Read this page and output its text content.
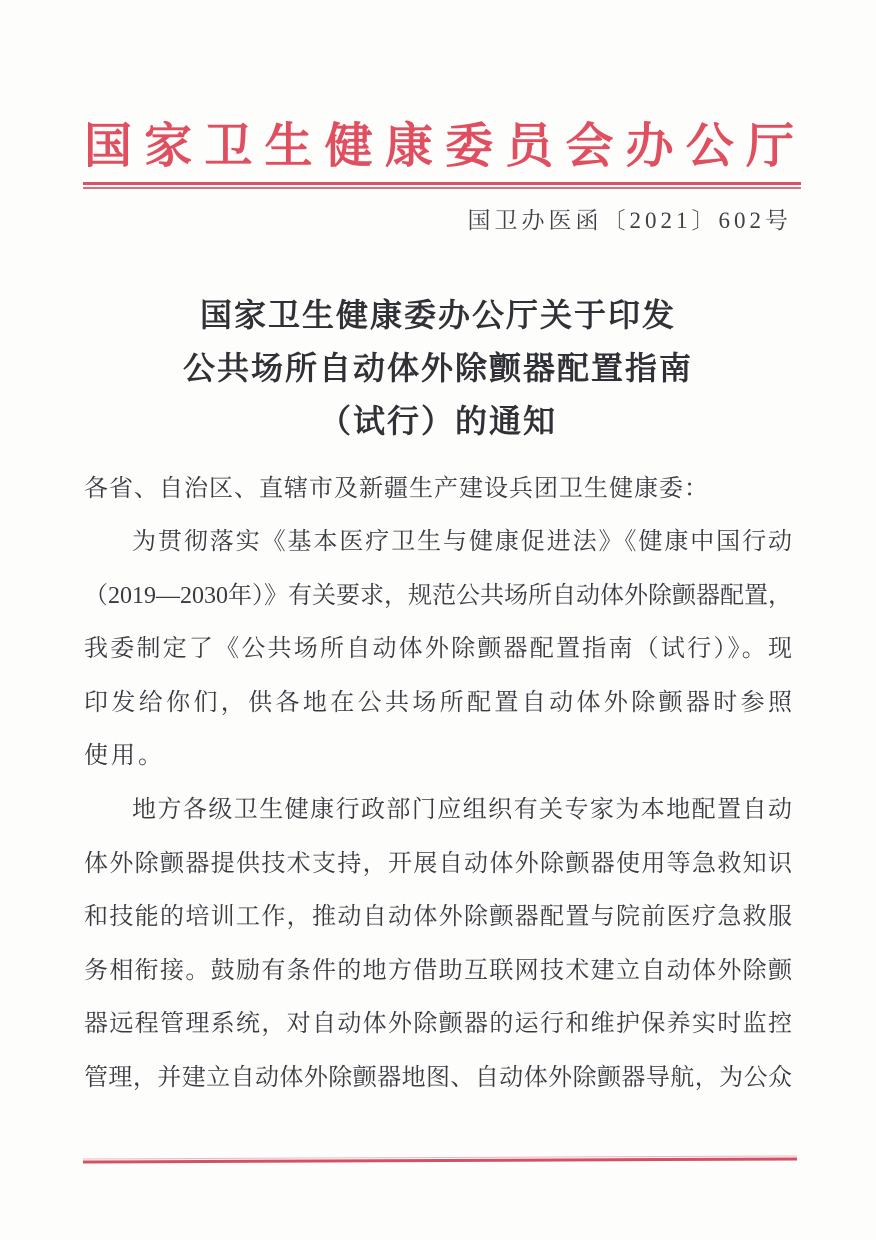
国家卫生健康委员会办公厅
国卫办医函〔2021〕602号
国家卫生健康委办公厅关于印发
公共场所自动体外除颤器配置指南
（试行）的通知
各省、自治区、直辖市及新疆生产建设兵团卫生健康委：
为贯彻落实《基本医疗卫生与健康促进法》《健康中国行动
（2019—2030年）》有关要求，规范公共场所自动体外除颤器配置，
我委制定了《公共场所自动体外除颤器配置指南（试行）》。现
印发给你们，供各地在公共场所配置自动体外除颤器时参照
使用。
地方各级卫生健康行政部门应组织有关专家为本地配置自动
体外除颤器提供技术支持，开展自动体外除颤器使用等急救知识
和技能的培训工作，推动自动体外除颤器配置与院前医疗急救服
务相衔接。鼓励有条件的地方借助互联网技术建立自动体外除颤
器远程管理系统，对自动体外除颤器的运行和维护保养实时监控
管理，并建立自动体外除颤器地图、自动体外除颤器导航，为公众
